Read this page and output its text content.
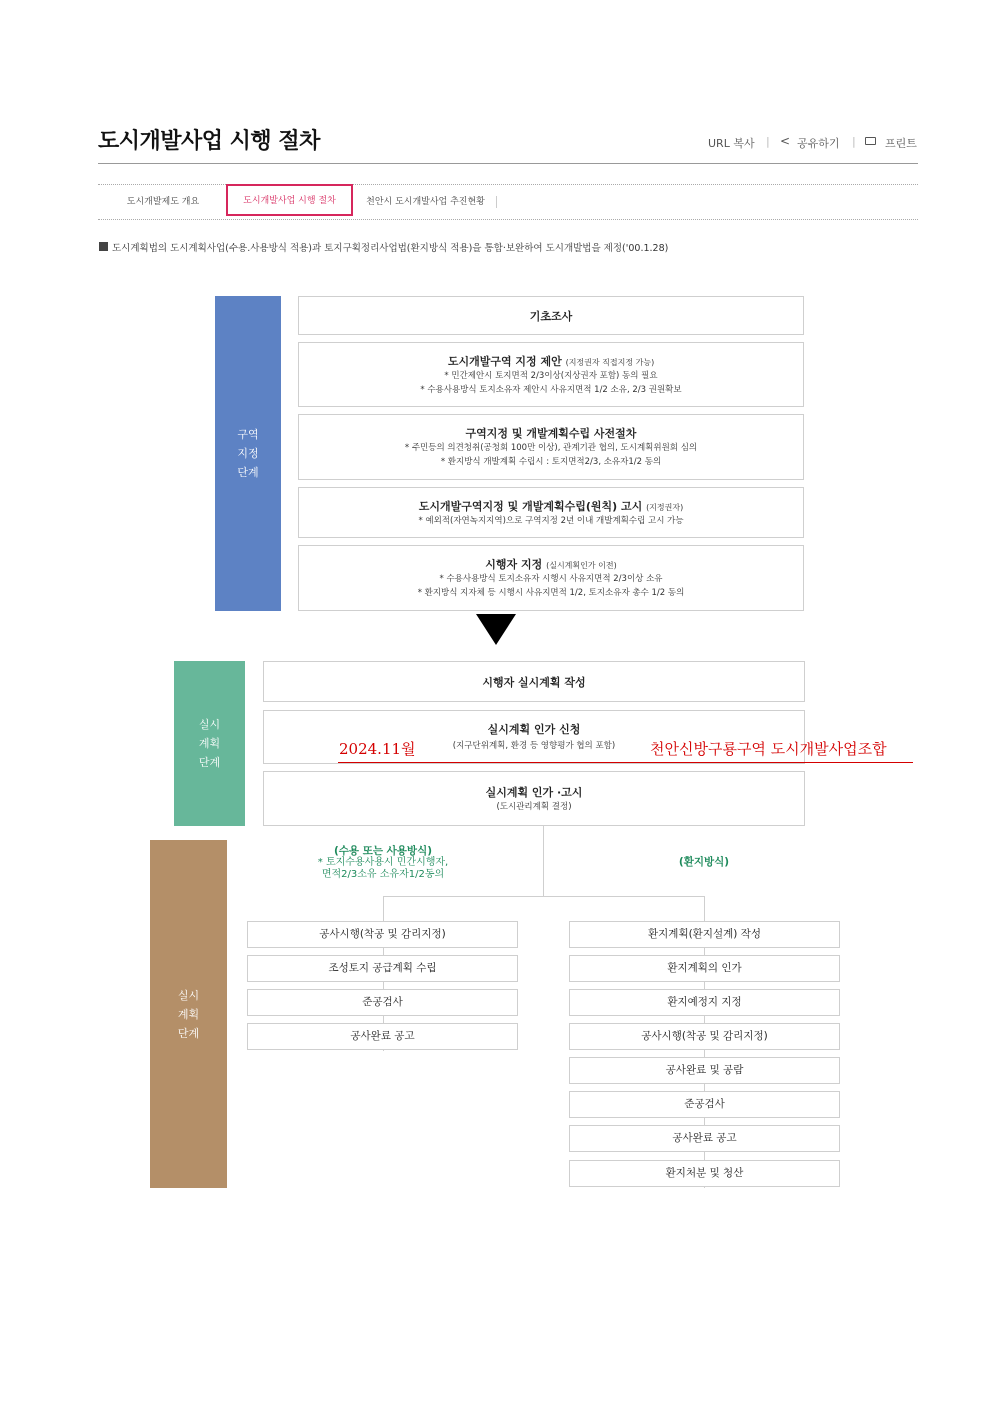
도시개발사업 시행 절차	URL 복사 | < 공유하기 |	프린트
도시개발제도 개요	도시개발사업 시행 절차	천안시 도시개발사업 추진현황
도시계획법의 도시계획사업(수용.사용방식 적용)과 토지구획정리사업법(환지방식 적용)을 통합·보완하여 도시개발법을 제정('00.1.28)
구역
지정
단계
기초조사
도시개발구역 지정 제안 (지정권자 직접지정 가능)
* 민간제안시 토지면적 2/3이상(지상권자 포함) 동의 필요
* 수용사용방식 토지소유자 제안시 사유지면적 1/2 소유, 2/3 권원확보
구역지정 및 개발계획수립 사전절차
* 주민등의 의견청취(공청회 100만 이상), 관계기관 협의, 도시계획위원회 심의
* 환지방식 개발계획 수립시 : 토지면적2/3, 소유자1/2 동의
도시개발구역지정 및 개발계획수립(원칙) 고시 (지정권자)
* 예외적(자연녹지지역)으로 구역지정 2년 이내 개발계획수립 고시 가능
시행자 지정 (실시계획인가 이전)
* 수용사용방식 토지소유자 시행시 사유지면적 2/3이상 소유
* 환지방식 지자체 등 시행시 사유지면적 1/2, 토지소유자 총수 1/2 동의
실시
계획
단계
시행자 실시계획 작성
실시계획 인가 신청
(지구단위계획, 환경 등 영향평가 협의 포함)
실시계획 인가 ·고시
(도시관리계획 결정)
2024.11월	천안신방구룡구역 도시개발사업조합
실시
계획
단계
(수용 또는 사용방식)
* 토지수용사용시 민간시행자,
면적2/3소유 소유자1/2동의
(환지방식)
공사시행(착공 및 감리지정)
조성토지 공급계획 수립
준공검사
공사완료 공고
환지계획(환지설계) 작성
환지계획의 인가
환지예정지 지정
공사시행(착공 및 감리지정)
공사완료 및 공람
준공검사
공사완료 공고
환지처분 및 청산
